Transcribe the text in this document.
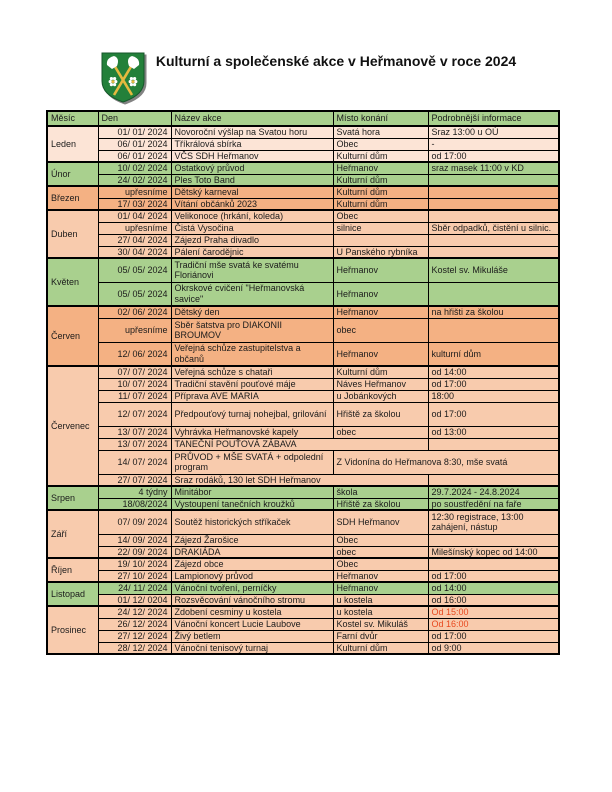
Kulturní a společenské akce v Heřmanově v roce 2024
Měsíc	Den	Název akce	Místo konání	Podrobnější informace
Leden	01/ 01/ 2024	Novoroční výšlap na Svatou horu	Svatá hora	Sraz 13:00 u OÚ
	06/ 01/ 2024	Tříkrálová sbírka	Obec	-
	06/ 01/ 2024	VČS SDH Heřmanov	Kulturní dům	od 17:00
Únor	10/ 02/ 2024	Ostatkový průvod	Heřmanov	sraz masek 11:00 v KD
	24/ 02/ 2024	Ples Toto Band	Kulturní dům	
Březen	upřesníme	Dětský karneval	Kulturní dům	
	17/ 03/ 2024	Vítání občánků 2023	Kulturní dům	
Duben	01/ 04/ 2024	Velikonoce (hrkání, koleda)	Obec	
	upřesníme	Čistá Vysočina	silnice	Sběr odpadků, čistění u silnic.
	27/ 04/ 2024	Zájezd Praha divadlo		
	30/ 04/ 2024	Pálení čarodějnic	U Panského rybníka	
Květen	05/ 05/ 2024	Tradiční mše svatá ke svatému Floriánovi	Heřmanov	Kostel sv. Mikuláše
	05/ 05/ 2024	Okrskové cvičení "Heřmanovská savice"	Heřmanov	
Červen	02/ 06/ 2024	Dětský den	Heřmanov	na hřišti za školou
	upřesníme	Sběr šatstva pro DIAKONII BROUMOV	obec	
	12/ 06/ 2024	Veřejná schůze zastupitelstva a občanů	Heřmanov	kulturní dům
Červenec	07/ 07/ 2024	Veřejná schůze s chataři	Kulturní dům	od 14:00
	10/ 07/ 2024	Tradiční stavění pouťové máje	Náves Heřmanov	od 17:00
	11/ 07/ 2024	Příprava AVE MARIA	u Jobánkových	18:00
	12/ 07/ 2024	Předpouťový turnaj nohejbal, grilování	Hřiště za školou	od 17:00
	13/ 07/ 2024	Vyhrávka Heřmanovské kapely	obec	od 13:00
	13/ 07/ 2024	TANEČNÍ POUŤOVÁ ZÁBAVA		
	14/ 07/ 2024	PRŮVOD + MŠE SVATÁ + odpolední program	Z Vidonína do Heřmanova 8:30, mše svatá	
	27/ 07/ 2024	Sraz rodáků, 130 let SDH Heřmanov		
Srpen	4 týdny	Minitábor	škola	29.7.2024 - 24.8.2024
	18/08/2024	Vystoupení tanečních kroužků	Hřiště za školou	po soustředění na faře
Září	07/ 09/ 2024	Soutěž historických stříkaček	SDH Heřmanov	12:30 registrace, 13:00 zahájení, nástup
	14/ 09/ 2024	Zájezd Žarošice	Obec	
	22/ 09/ 2024	DRAKIÁDA	obec	Milešínský kopec od 14:00
Říjen	19/ 10/ 2024	Zájezd obce	Obec	
	27/ 10/ 2024	Lampionový průvod	Heřmanov	od 17:00
Listopad	24/ 11/ 2024	Vánoční tvoření, perníčky	Heřmanov	od 14:00
	01/ 12/ 0204	Rozsvěcování vánočního stromu	u kostela	od 16:00
Prosinec	24/ 12/ 2024	Zdobení cesminy u kostela	u kostela	Od 15:00
	26/ 12/ 2024	Vánoční koncert Lucie Laubove	Kostel sv. Mikuláš	Od 16:00
	27/ 12/ 2024	Živý betlem	Farní dvůr	od 17:00
	28/ 12/ 2024	Vánoční tenisový turnaj	Kulturní dům	od 9:00
